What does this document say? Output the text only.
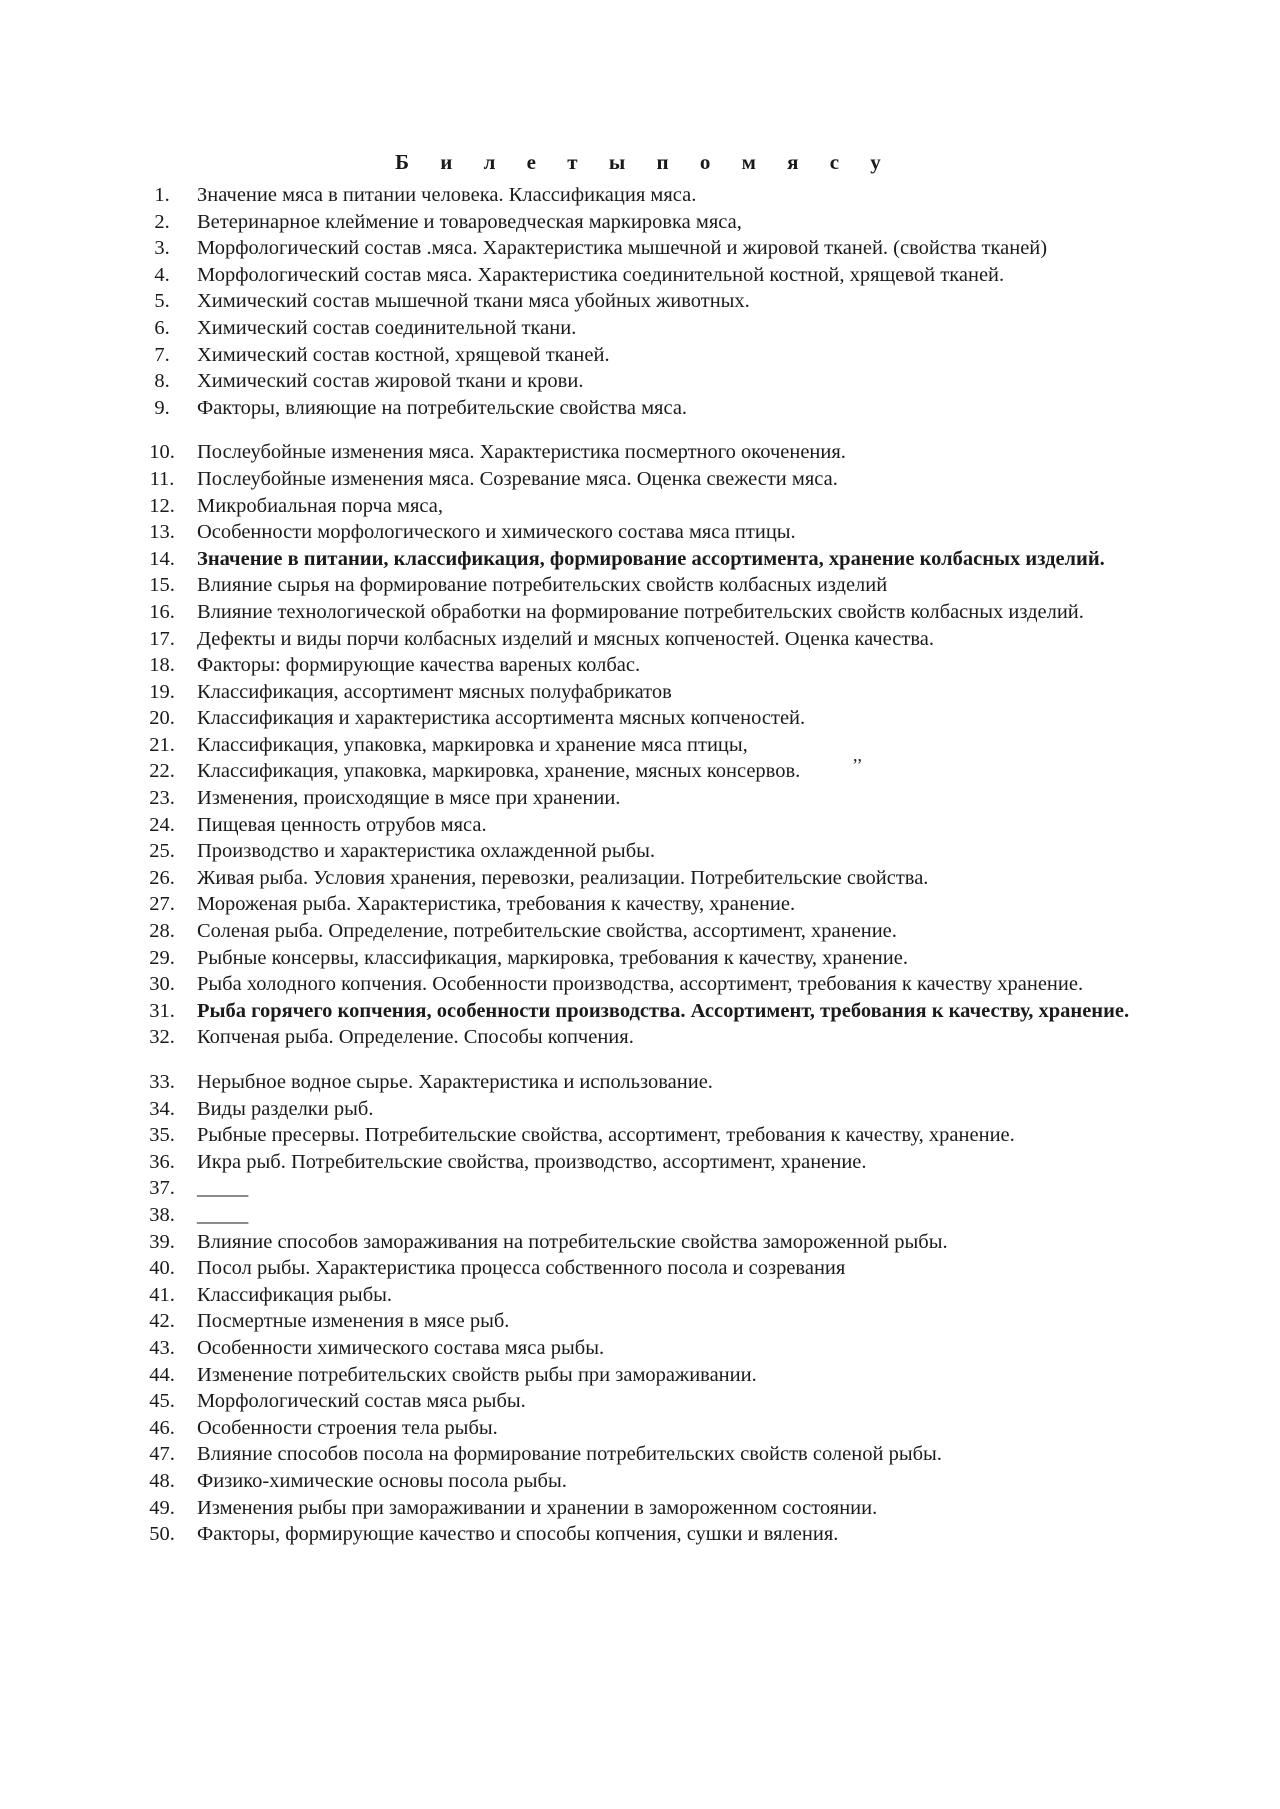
Б и л е т ы п о м я с у
1.	Значение мяса в питании человека. Классификация мяса.
2.	Ветеринарное клеймение и товароведческая маркировка мяса,
3.	Морфологический состав .мяса. Характеристика мышечной и жировой тканей. (свойства тканей)
4.	Морфологический состав мяса. Характеристика соединительной костной, хрящевой тканей.
5.	Химический состав мышечной ткани мяса убойных животных.
6.	Химический состав соединительной ткани.
7.	Химический состав костной, хрящевой тканей.
8.	Химический состав жировой ткани и крови.
9.	Факторы, влияющие на потребительские свойства мяса.
10.	Послеубойные изменения мяса. Характеристика посмертного окоченения.
11.	Послеубойные изменения мяса. Созревание мяса. Оценка свежести мяса.
12.	Микробиальная порча мяса,
13.	Особенности морфологического и химического состава мяса птицы.
14.	Значение в питании, классификация, формирование ассортимента, хранение колбасных изделий.
15.	Влияние сырья на формирование потребительских свойств колбасных изделий
16.	Влияние технологической обработки на формирование потребительских свойств колбасных изделий.
17.	Дефекты и виды порчи колбасных изделий и мясных копченостей. Оценка качества.
18.	Факторы: формирующие качества вареных колбас.
19.	Классификация, ассортимент мясных полуфабрикатов
20.	Классификация и характеристика ассортимента мясных копченостей.
21.	Классификация, упаковка, маркировка и хранение мяса птицы,
22.	Классификация, упаковка, маркировка, хранение, мясных консервов.
23.	Изменения, происходящие в мясе при хранении.
24.	Пищевая ценность отрубов мяса.
25.	Производство и характеристика охлажденной рыбы.
26.	Живая рыба. Условия хранения, перевозки, реализации. Потребительские свойства.
27.	Мороженая рыба. Характеристика, требования к качеству, хранение.
28.	Соленая рыба. Определение, потребительские свойства, ассортимент, хранение.
29.	Рыбные консервы, классификация, маркировка, требования к качеству, хранение.
30.	Рыба холодного копчения. Особенности производства, ассортимент, требования к качеству хранение.
31.	Рыба горячего копчения, особенности производства. Ассортимент, требования к качеству, хранение.
32.	Копченая рыба. Определение. Способы копчения.
33.	Нерыбное водное сырье. Характеристика и использование.
34.	Виды разделки рыб.
35.	Рыбные пресервы. Потребительские свойства, ассортимент, требования к качеству, хранение.
36.	Икра рыб. Потребительские свойства, производство, ассортимент, хранение.
37.	_____
38.	_____
39.	Влияние способов замораживания на потребительские свойства замороженной рыбы.
40.	Посол рыбы. Характеристика процесса собственного посола и созревания
41.	Классификация рыбы.
42.	Посмертные изменения в мясе рыб.
43.	Особенности химического состава мяса рыбы.
44.	Изменение потребительских свойств рыбы при замораживании.
45.	Морфологический состав мяса рыбы.
46.	Особенности строения тела рыбы.
47.	Влияние способов посола на формирование потребительских свойств соленой рыбы.
48.	Физико-химические основы посола рыбы.
49.	Изменения рыбы при замораживании и хранении в замороженном состоянии.
50.	Факторы, формирующие качество и способы копчения, сушки и вяления.
,,
